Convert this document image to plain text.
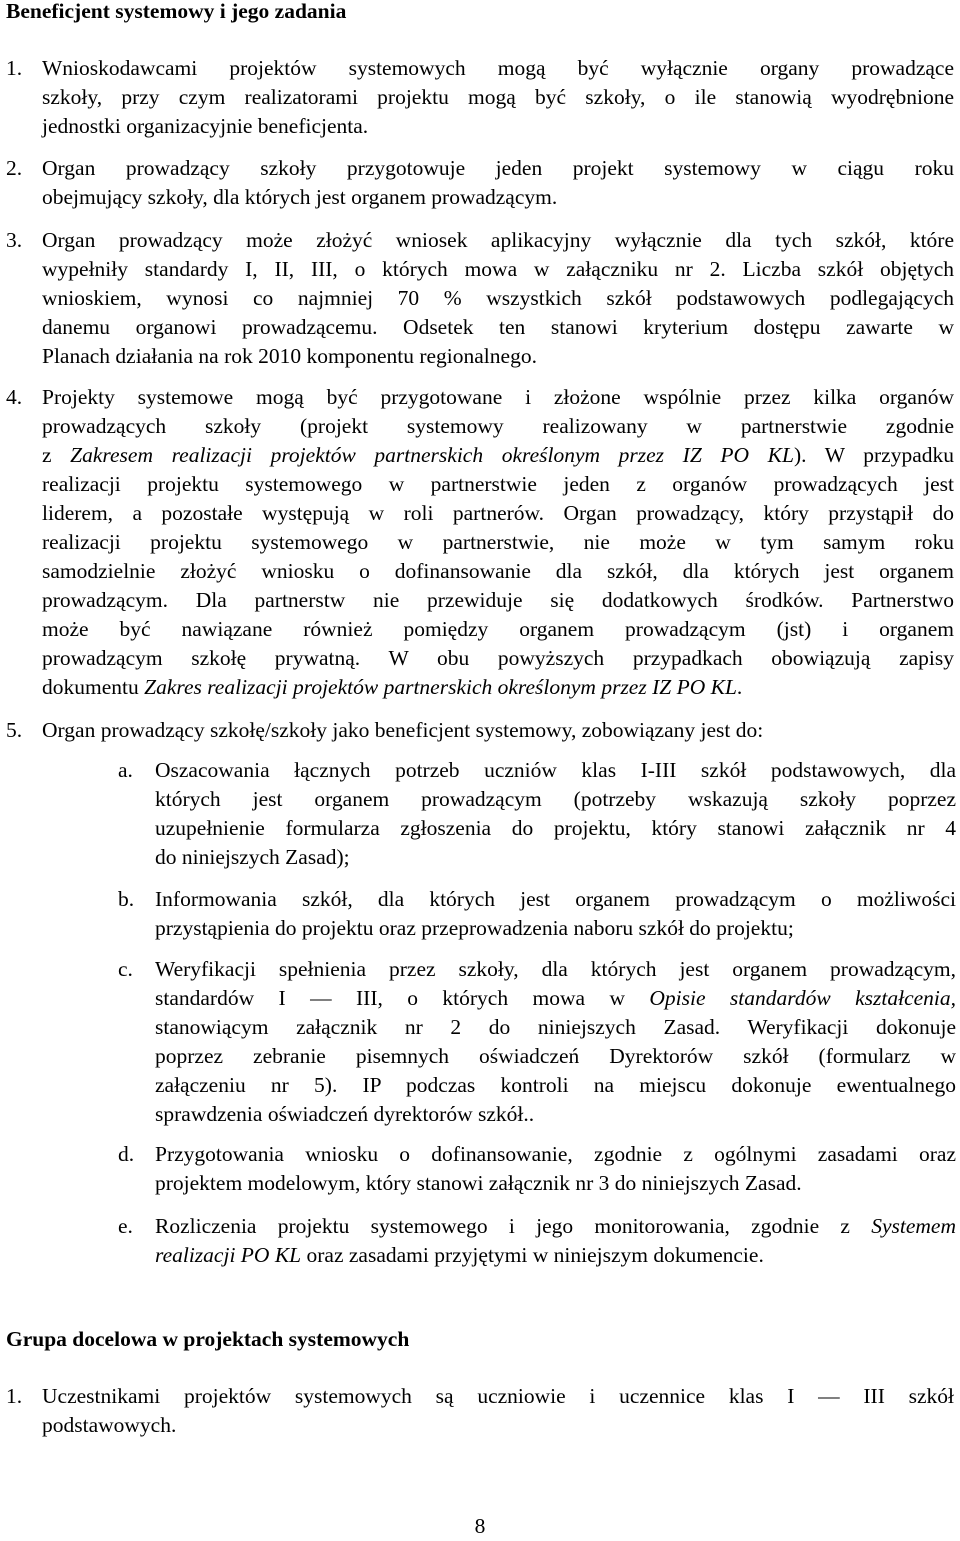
Beneficjent systemowy i jego zadania
1. Wnioskodawcami projektów systemowych mogą być wyłącznie organy prowadzące
szkoły, przy czym realizatorami projektu mogą być szkoły, o ile stanowią wyodrębnione
jednostki organizacyjnie beneficjenta.
2. Organ prowadzący szkoły przygotowuje jeden projekt systemowy w ciągu roku
obejmujący szkoły, dla których jest organem prowadzącym.
3. Organ prowadzący może złożyć wniosek aplikacyjny wyłącznie dla tych szkół, które
wypełniły standardy I, II, III, o których mowa w załączniku nr 2. Liczba szkół objętych
wnioskiem, wynosi co najmniej 70 % wszystkich szkół podstawowych podlegających
danemu organowi prowadzącemu. Odsetek ten stanowi kryterium dostępu zawarte w
Planach działania na rok 2010 komponentu regionalnego.
4. Projekty systemowe mogą być przygotowane i złożone wspólnie przez kilka organów
prowadzących szkoły (projekt systemowy realizowany w partnerstwie zgodnie
z Zakresem realizacji projektów partnerskich określonym przez IZ PO KL). W przypadku
realizacji projektu systemowego w partnerstwie jeden z organów prowadzących jest
liderem, a pozostałe występują w roli partnerów. Organ prowadzący, który przystąpił do
realizacji projektu systemowego w partnerstwie, nie może w tym samym roku
samodzielnie złożyć wniosku o dofinansowanie dla szkół, dla których jest organem
prowadzącym. Dla partnerstw nie przewiduje się dodatkowych środków. Partnerstwo
może być nawiązane również pomiędzy organem prowadzącym (jst) i organem
prowadzącym szkołę prywatną. W obu powyższych przypadkach obowiązują zapisy
dokumentu Zakres realizacji projektów partnerskich określonym przez IZ PO KL.
5. Organ prowadzący szkołę/szkoły jako beneficjent systemowy, zobowiązany jest do:
a. Oszacowania łącznych potrzeb uczniów klas I-III szkół podstawowych, dla
których jest organem prowadzącym (potrzeby wskazują szkoły poprzez
uzupełnienie formularza zgłoszenia do projektu, który stanowi załącznik nr 4
do niniejszych Zasad);
b. Informowania szkół, dla których jest organem prowadzącym o możliwości
przystąpienia do projektu oraz przeprowadzenia naboru szkół do projektu;
c. Weryfikacji spełnienia przez szkoły, dla których jest organem prowadzącym,
standardów I — III, o których mowa w Opisie standardów kształcenia,
stanowiącym załącznik nr 2 do niniejszych Zasad. Weryfikacji dokonuje
poprzez zebranie pisemnych oświadczeń Dyrektorów szkół (formularz w
załączeniu nr 5). IP podczas kontroli na miejscu dokonuje ewentualnego
sprawdzenia oświadczeń dyrektorów szkół..
d. Przygotowania wniosku o dofinansowanie, zgodnie z ogólnymi zasadami oraz
projektem modelowym, który stanowi załącznik nr 3 do niniejszych Zasad.
e. Rozliczenia projektu systemowego i jego monitorowania, zgodnie z Systemem
realizacji PO KL oraz zasadami przyjętymi w niniejszym dokumencie.
Grupa docelowa w projektach systemowych
1. Uczestnikami projektów systemowych są uczniowie i uczennice klas I — III szkół
podstawowych.
8
